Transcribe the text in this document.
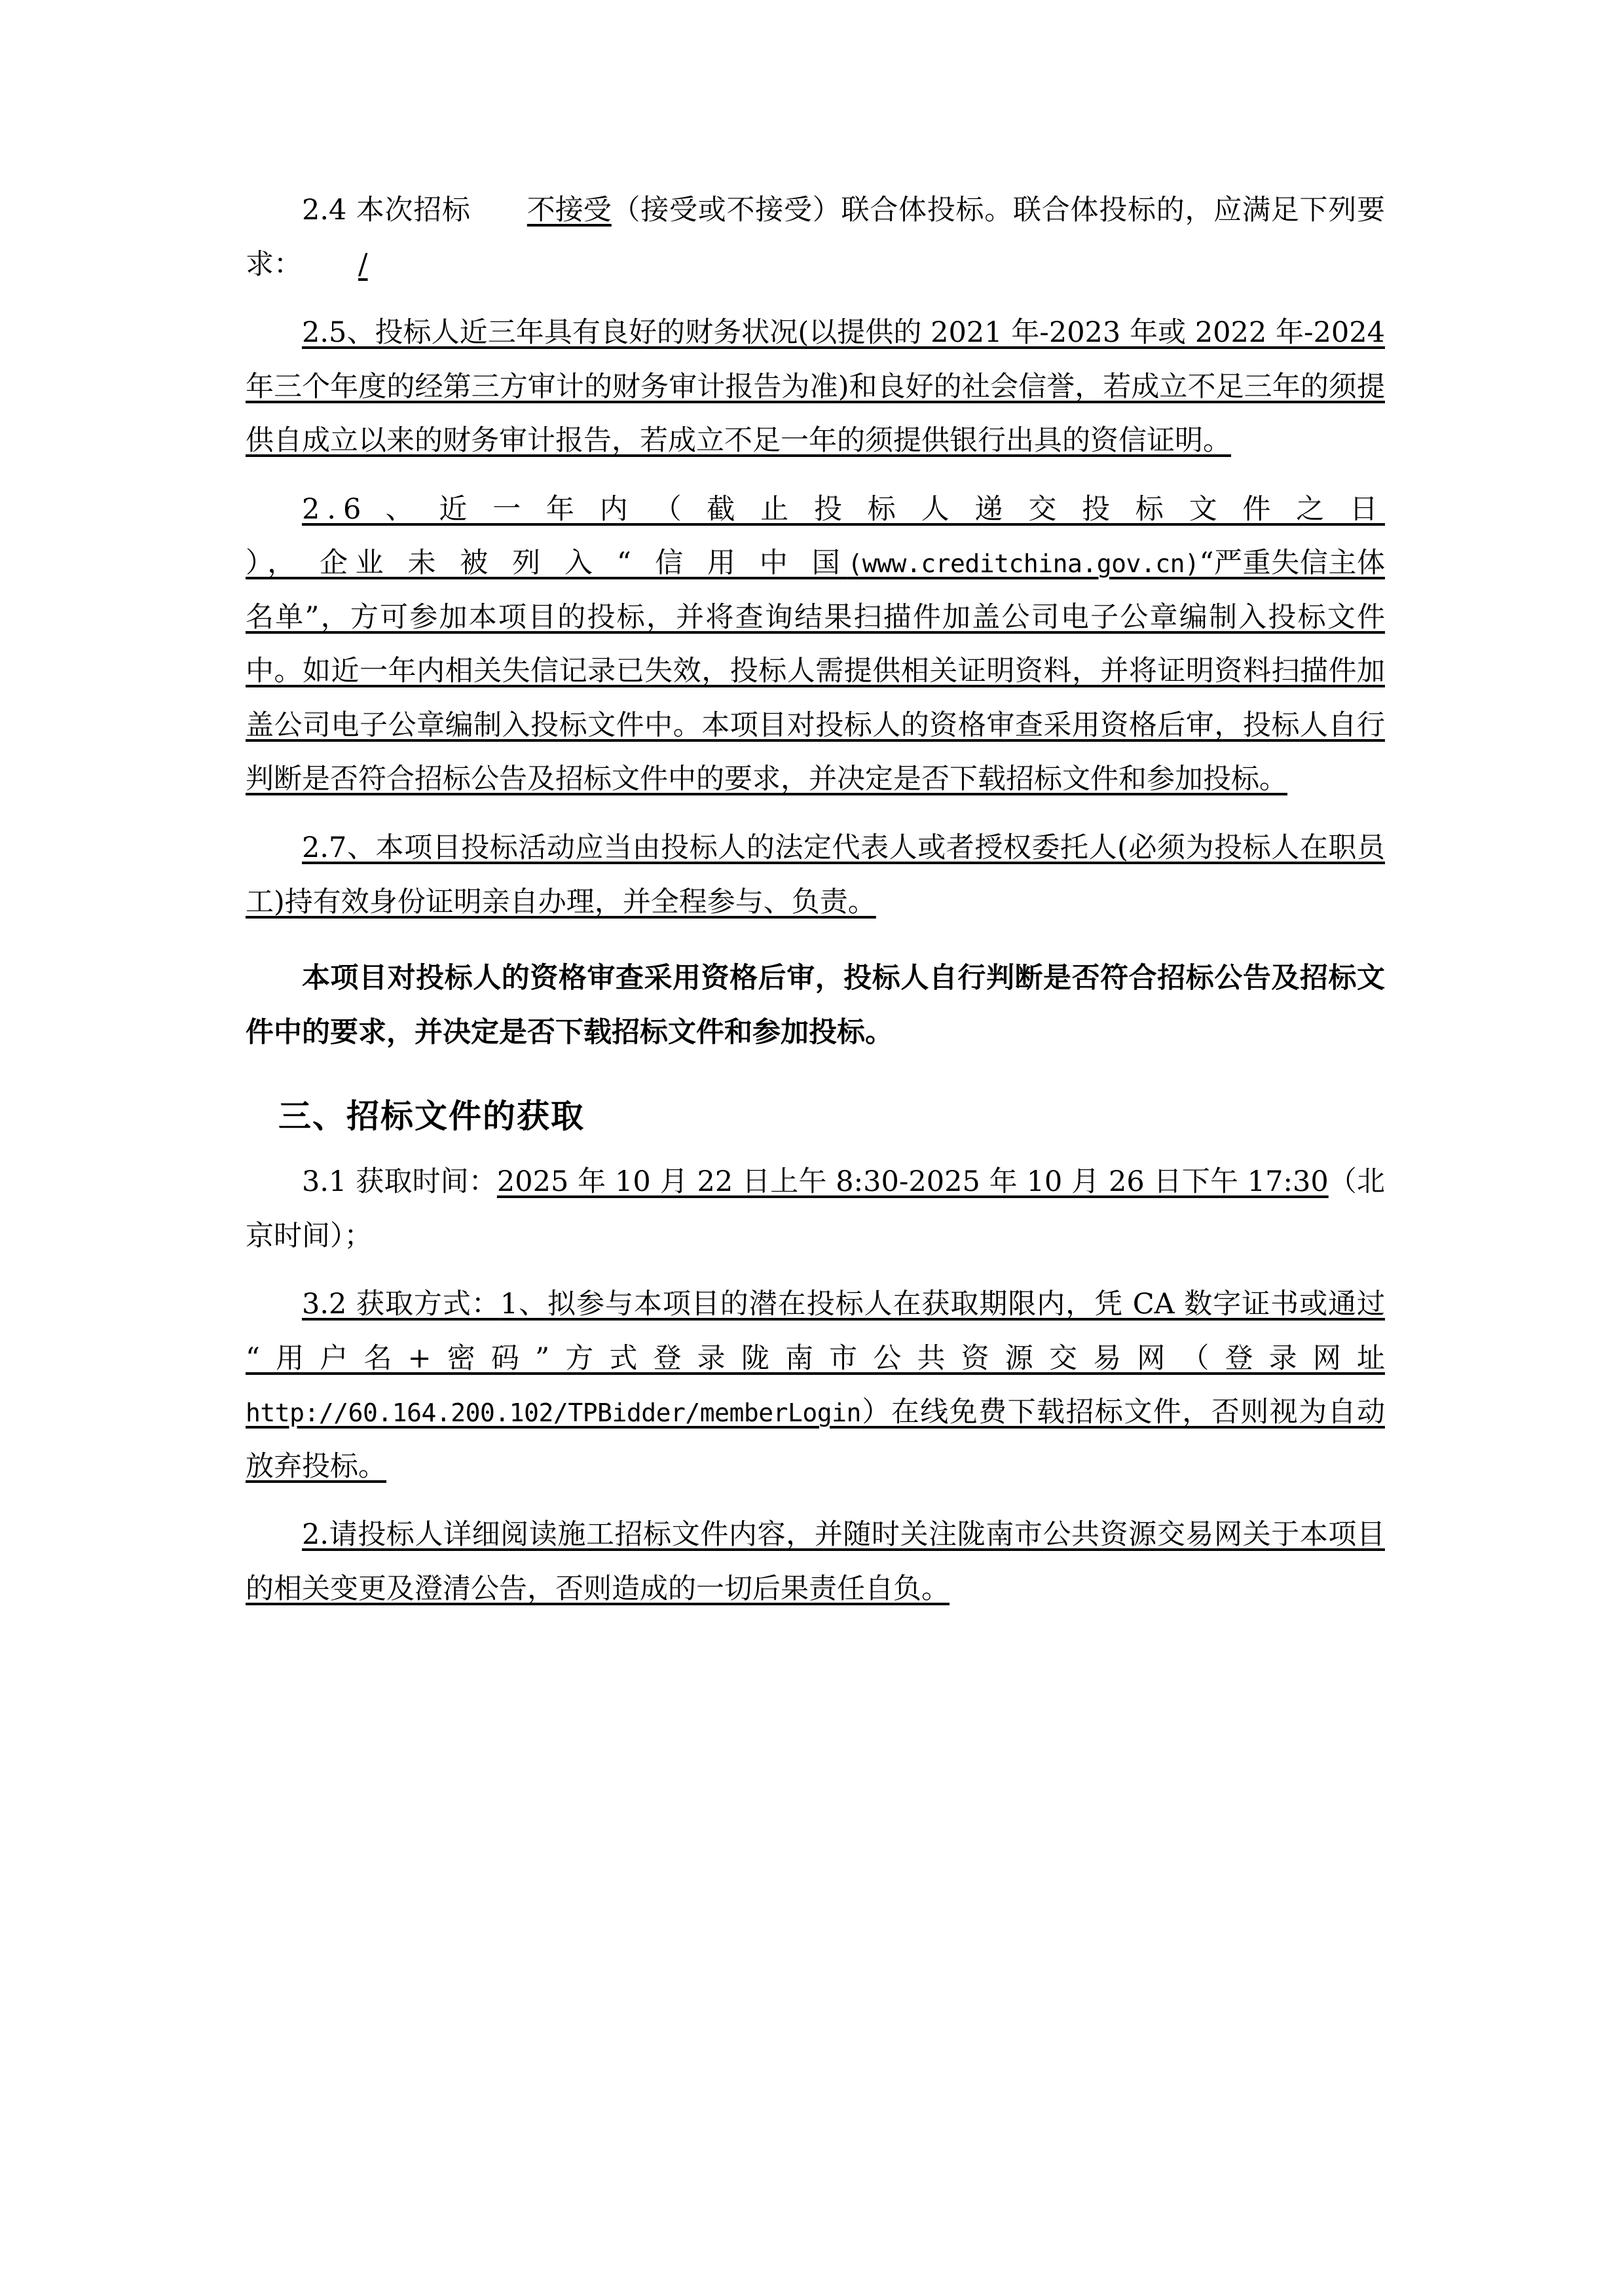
2.4 本次招标 不接受（接受或不接受）联合体投标。联合体投标的，应满足下列要求： /

2.5、投标人近三年具有良好的财务状况(以提供的 2021 年-2023 年或 2022 年-2024 年三个年度的经第三方审计的财务审计报告为准)和良好的社会信誉，若成立不足三年的须提供自成立以来的财务审计报告，若成立不足一年的须提供银行出具的资信证明。

2.6 、 近 一 年 内 （ 截 止 投 标 人 递 交 投 标 文 件 之 日 ）， 企业 未 被 列 入 “ 信 用 中 国(www.creditchina.gov.cn)“严重失信主体名单”，方可参加本项目的投标，并将查询结果扫描件加盖公司电子公章编制入投标文件中。如近一年内相关失信记录已失效，投标人需提供相关证明资料，并将证明资料扫描件加盖公司电子公章编制入投标文件中。本项目对投标人的资格审查采用资格后审，投标人自行判断是否符合招标公告及招标文件中的要求，并决定是否下载招标文件和参加投标。

2.7、本项目投标活动应当由投标人的法定代表人或者授权委托人(必须为投标人在职员工)持有效身份证明亲自办理，并全程参与、负责。

本项目对投标人的资格审查采用资格后审，投标人自行判断是否符合招标公告及招标文件中的要求，并决定是否下载招标文件和参加投标。

三、招标文件的获取

3.1 获取时间：2025 年 10 月 22 日上午 8:30-2025 年 10 月 26 日下午 17:30（北京时间）；

3.2 获取方式：1、拟参与本项目的潜在投标人在获取期限内，凭 CA 数字证书或通过“用户名+密码”方式登录陇南市公共资源交易网（登录网址 http://60.164.200.102/TPBidder/memberLogin）在线免费下载招标文件，否则视为自动放弃投标。

2.请投标人详细阅读施工招标文件内容，并随时关注陇南市公共资源交易网关于本项目的相关变更及澄清公告，否则造成的一切后果责任自负。
